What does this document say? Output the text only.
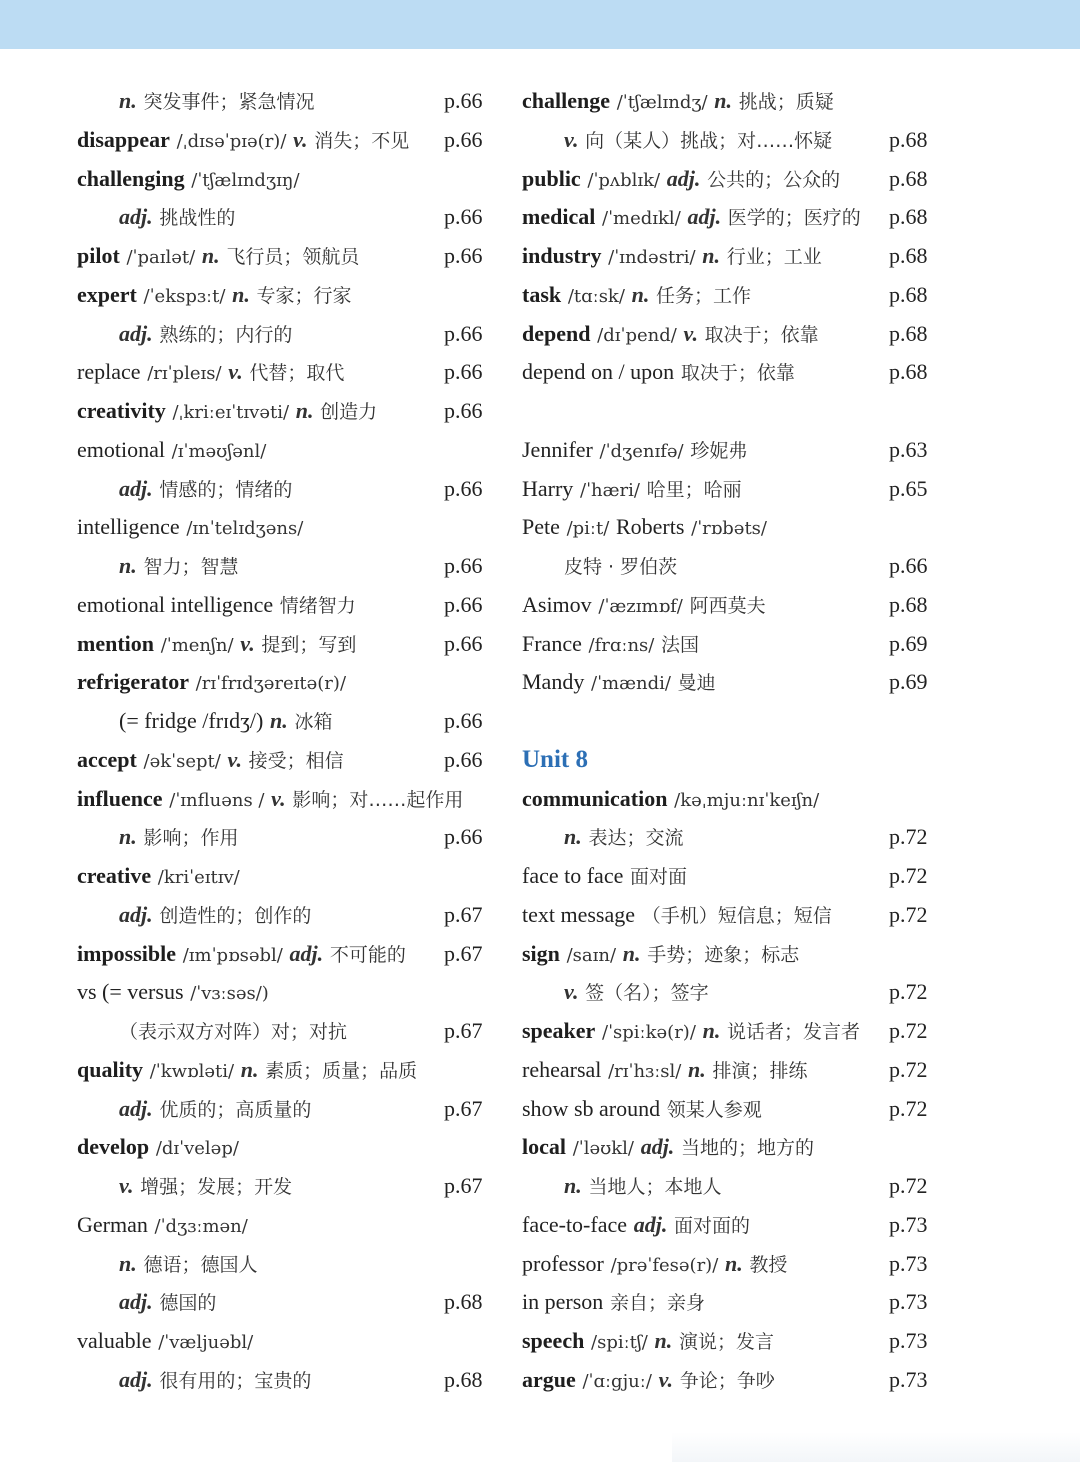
n. 突发事件；紧急情况	p.66
disappear /ˌdɪsəˈpɪə(r)/ v. 消失；不见 p.66
challenging /ˈtʃælɪndʒɪŋ/
adj. 挑战性的	p.66
pilot /ˈpaɪlət/ n. 飞行员；领航员	p.66
expert /ˈekspɜːt/ n. 专家；行家
adj. 熟练的；内行的	p.66
replace /rɪˈpleɪs/ v. 代替；取代	p.66
creativity /ˌkriːeɪˈtɪvəti/ n. 创造力	p.66
emotional /ɪˈməʊʃənl/
adj. 情感的；情绪的	p.66
intelligence /ɪnˈtelɪdʒəns/
n. 智力；智慧	p.66
emotional intelligence 情绪智力	p.66
mention /ˈmenʃn/ v. 提到；写到	p.66
refrigerator /rɪˈfrɪdʒəreɪtə(r)/
(= fridge /frɪdʒ/) n. 冰箱	p.66
accept /əkˈsept/ v. 接受；相信	p.66
influence /ˈɪnfluəns / v. 影响；对……起作用
n. 影响；作用	p.66
creative /kriˈeɪtɪv/
adj. 创造性的；创作的	p.67
impossible /ɪmˈpɒsəbl/ adj. 不可能的 p.67
vs (= versus /ˈvɜːsəs/)
（表示双方对阵）对；对抗	p.67
quality /ˈkwɒləti/ n. 素质；质量；品质
adj. 优质的；高质量的	p.67
develop /dɪˈveləp/
v. 增强；发展；开发	p.67
German /ˈdʒɜːmən/
n. 德语；德国人
adj. 德国的	p.68
valuable /ˈvæljuəbl/
adj. 很有用的；宝贵的	p.68
challenge /ˈtʃælɪndʒ/ n. 挑战；质疑
v. 向（某人）挑战；对……怀疑	p.68
public /ˈpʌblɪk/ adj. 公共的；公众的 p.68
medical /ˈmedɪkl/ adj. 医学的；医疗的 p.68
industry /ˈɪndəstri/ n. 行业；工业	p.68
task /tɑːsk/ n. 任务；工作	p.68
depend /dɪˈpend/ v. 取决于；依靠	p.68
depend on / upon 取决于；依靠	p.68
Jennifer /ˈdʒenɪfə/ 珍妮弗	p.63
Harry /ˈhæri/ 哈里；哈丽	p.65
Pete /piːt/ Roberts /ˈrɒbəts/
皮特 · 罗伯茨	p.66
Asimov /ˈæzɪmɒf/ 阿西莫夫	p.68
France /frɑːns/ 法国	p.69
Mandy /ˈmændi/ 曼迪	p.69
Unit 8
communication /kəˌmjuːnɪˈkeɪʃn/
n. 表达；交流	p.72
face to face 面对面	p.72
text message （手机）短信息；短信	p.72
sign /saɪn/ n. 手势；迹象；标志
v. 签（名）；签字	p.72
speaker /ˈspiːkə(r)/ n. 说话者；发言者 p.72
rehearsal /rɪˈhɜːsl/ n. 排演；排练	p.72
show sb around 领某人参观	p.72
local /ˈləʊkl/ adj. 当地的；地方的
n. 当地人；本地人	p.72
face-to-face adj. 面对面的	p.73
professor /prəˈfesə(r)/ n. 教授	p.73
in person 亲自；亲身	p.73
speech /spiːtʃ/ n. 演说；发言	p.73
argue /ˈɑːgjuː/ v. 争论；争吵	p.73
